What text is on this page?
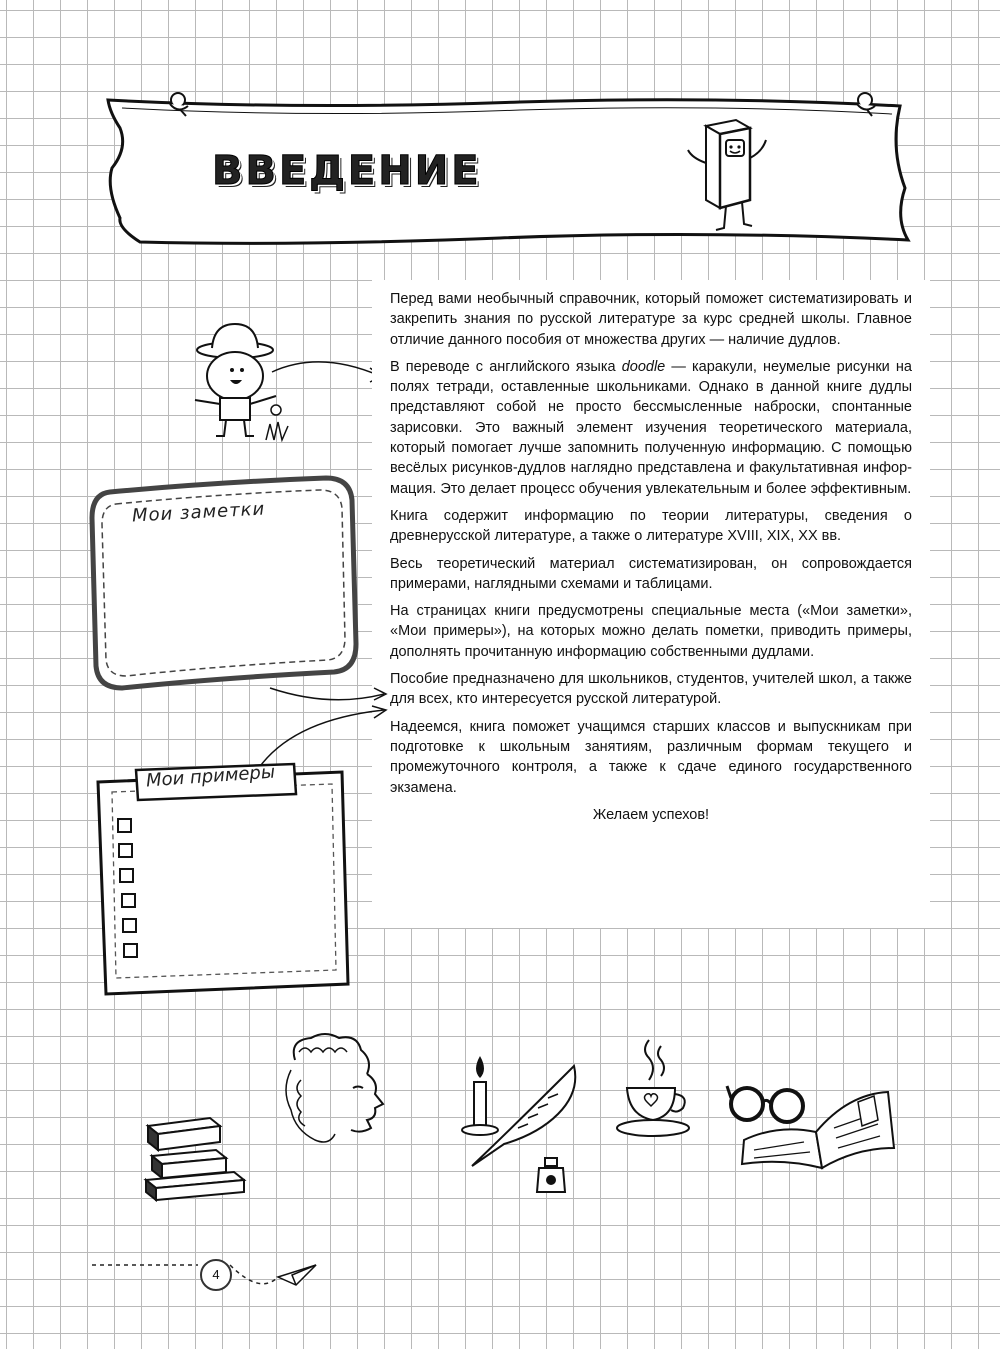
ВВЕДЕНИЕ

Перед вами необычный справочник, который поможет систематизировать и закрепить знания по русской литературе за курс средней школы. Главное отличие данного пособия от множества других — наличие дудлов.

В переводе с английского языка doodle — каракули, неумелые рисунки на полях тетради, оставленные школьниками. Однако в данной книге дудлы представляют собой не просто бессмысленные наброски, спонтанные зарисовки. Это важный элемент изучения теоретического материала, который помогает лучше запомнить полученную информацию. С помощью весёлых рисунков-дудлов наглядно представлена и факультативная информация. Это делает процесс обучения увлекательным и более эффективным.

Книга содержит информацию по теории литературы, сведения о древнерусской литературе, а также о литературе XVIII, XIX, XX вв.

Весь теоретический материал систематизирован, он сопровождается примерами, наглядными схемами и таблицами.

На страницах книги предусмотрены специальные места («Мои заметки», «Мои примеры»), на которых можно делать пометки, приводить примеры, дополнять прочитанную информацию собственными дудлами.

Пособие предназначено для школьников, студентов, учителей школ, а также для всех, кто интересуется русской литературой.

Надеемся, книга поможет учащимся старших классов и выпускникам при подготовке к школьным занятиям, различным формам текущего и промежуточного контроля, а также к сдаче единого государственного экзамена.

Желаем успехов!

Мои заметки
Мои примеры
4
